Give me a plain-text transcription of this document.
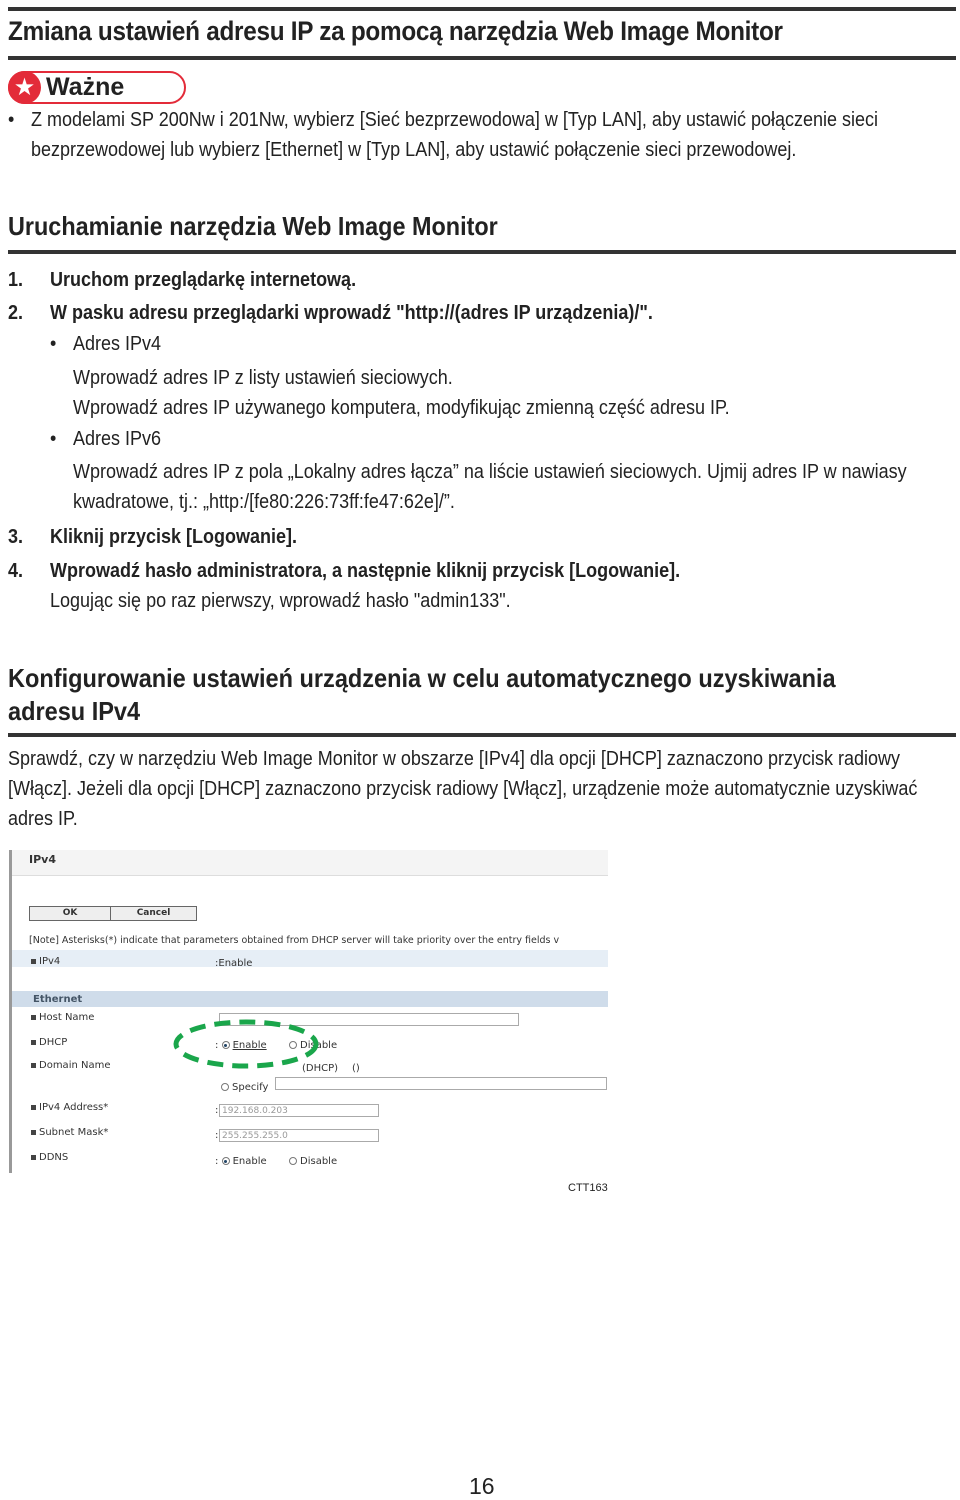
Zmiana ustawień adresu IP za pomocą narzędzia Web Image Monitor
★ Ważne
• Z modelami SP 200Nw i 201Nw, wybierz [Sieć bezprzewodowa] w [Typ LAN], aby ustawić połączenie sieci
bezprzewodowej lub wybierz [Ethernet] w [Typ LAN], aby ustawić połączenie sieci przewodowej.
Uruchamianie narzędzia Web Image Monitor
1. Uruchom przeglądarkę internetową.
2. W pasku adresu przeglądarki wprowadź "http://(adres IP urządzenia)/".
• Adres IPv4
Wprowadź adres IP z listy ustawień sieciowych.
Wprowadź adres IP używanego komputera, modyfikując zmienną część adresu IP.
• Adres IPv6
Wprowadź adres IP z pola „Lokalny adres łącza” na liście ustawień sieciowych. Ujmij adres IP w nawiasy
kwadratowe, tj.: „http:/[fe80:226:73ff:fe47:62e]/”.
3. Kliknij przycisk [Logowanie].
4. Wprowadź hasło administratora, a następnie kliknij przycisk [Logowanie].
Logując się po raz pierwszy, wprowadź hasło "admin133".
Konfigurowanie ustawień urządzenia w celu automatycznego uzyskiwania
adresu IPv4
Sprawdź, czy w narzędziu Web Image Monitor w obszarze [IPv4] dla opcji [DHCP] zaznaczono przycisk radiowy
[Włącz]. Jeżeli dla opcji [DHCP] zaznaczono przycisk radiowy [Włącz], urządzenie może automatycznie uzyskiwać
adres IP.
IPv4
OK	Cancel
[Note] Asterisks(*) indicate that parameters obtained from DHCP server will take priority over the entry fields v
IPv4	:Enable
Ethernet
Host Name
DHCP	: Enable	Disable
Domain Name	(DHCP) ()
Specify
IPv4 Address*	: 192.168.0.203
Subnet Mask*	: 255.255.255.0
DDNS	: Enable	Disable
CTT163
16
